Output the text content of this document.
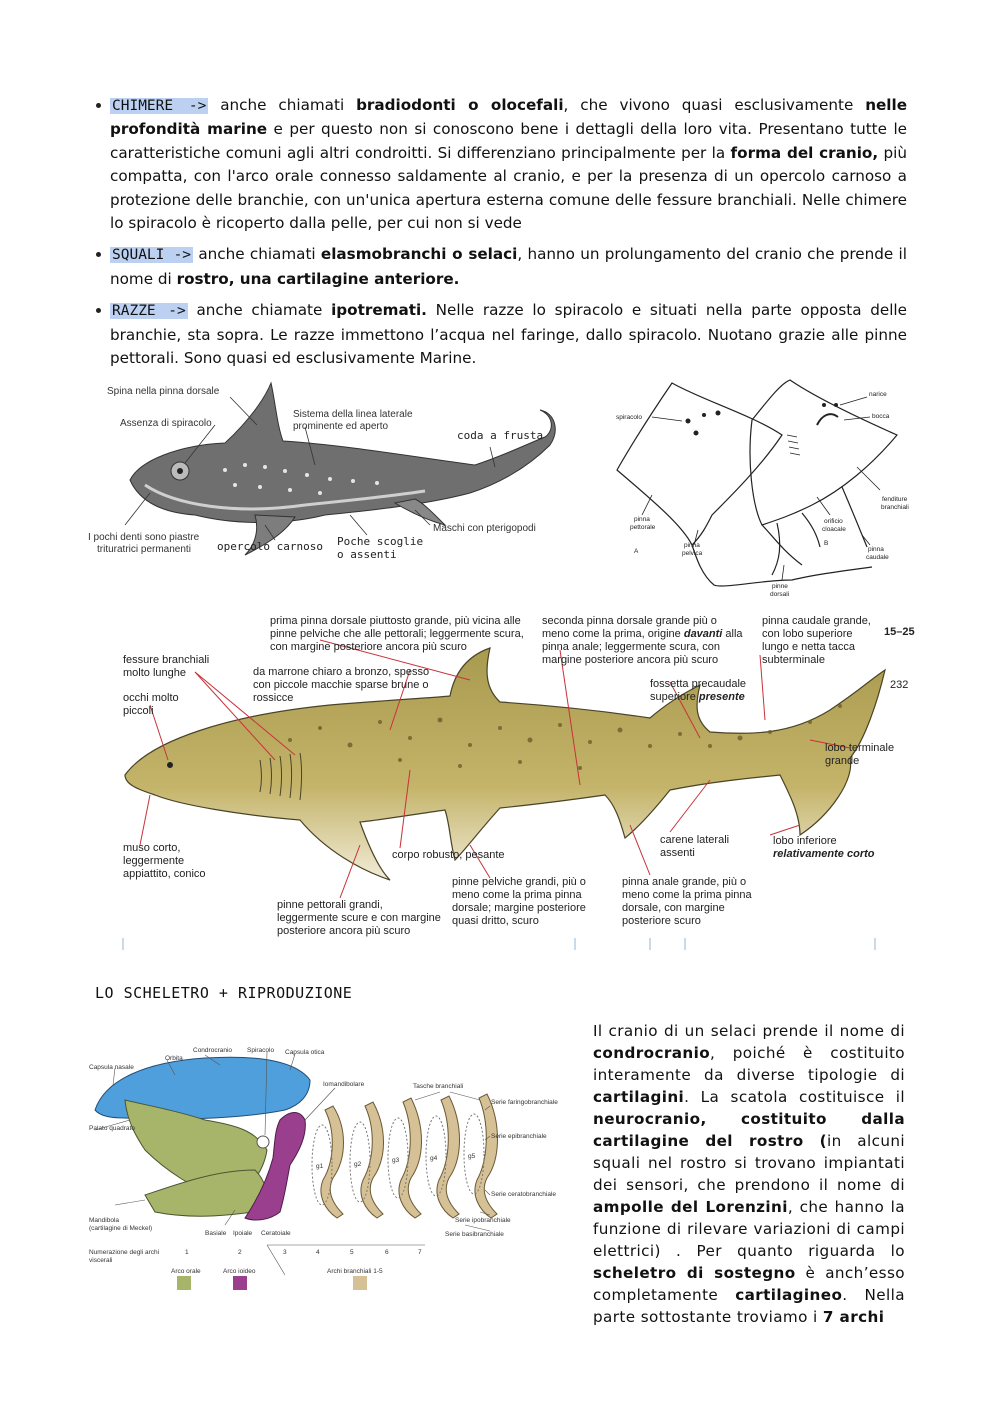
CHIMERE -> anche chiamati bradiodonti o olocefali, che vivono quasi esclusivamente nelle profondità marine e per questo non si conoscono bene i dettagli della loro vita. Presentano tutte le caratteristiche comuni agli altri condroitti. Si differenziano principalmente per la forma del cranio, più compatta, con l'arco orale connesso saldamente al cranio, e per la presenza di un opercolo carnoso a protezione delle branchie, con un'unica apertura esterna comune delle fessure branchiali. Nelle chimere lo spiracolo è ricoperto dalla pelle, per cui non si vede
SQUALI -> anche chiamati elasmobranchi o selaci, hanno un prolungamento del cranio che prende il nome di rostro, una cartilagine anteriore.
RAZZE -> anche chiamate ipotremati. Nelle razze lo spiracolo e situati nella parte opposta delle branchie, sta sopra. Le razze immettono l’acqua nel faringe, dallo spiracolo. Nuotano grazie alle pinne pettorali. Sono quasi ed esclusivamente Marine.
Spina nella pinna dorsale
Assenza di spiracolo
Sistema della linea laterale
prominente ed aperto
coda a frusta
I pochi denti sono piastre
trituratrici permanenti opercolo carnoso Poche scoglie
o assenti
Maschi con pterigopodi
spiracolo
narice
bocca
fenditure
branchiali
orificio
cloacale
pinna
pettorale
pinna
pelvica
pinna
caudale
pinne
dorsali
A
B
prima pinna dorsale piuttosto grande, più vicina alle
pinne pelviche che alle pettorali; leggermente scura,
con margine posteriore ancora più scuro
seconda pinna dorsale grande più o
meno come la prima, origine davanti alla
pinna anale; leggermente scura, con
margine posteriore ancora più scuro
pinna caudale grande,
con lobo superiore
lungo e netta tacca
subterminale
15–25
232
fessure branchiali
molto lunghe	da marrone chiaro a bronzo, spesso
con piccole macchie sparse brune o
rossicce
occhi molto
piccoli
fossetta precaudale
superiore presente
lobo terminale
grande
muso corto,
leggermente
appiattito, conico
corpo robusto, pesante
carene laterali
assenti
lobo inferiore
relativamente corto
pinne pettorali grandi,
leggermente scure e con margine
posteriore ancora più scuro
pinne pelviche grandi, più o
meno come la prima pinna
dorsale; margine posteriore
quasi dritto, scuro
pinna anale grande, più o
meno come la prima pinna
dorsale, con margine
posteriore scuro
LO SCHELETRO + RIPRODUZIONE
Condrocranio Spiracolo Capsula otica
Orbita
Capsula nasale
Iomandibolare	Tasche branchiali
Serie faringobranchiale
Palato quadrato
Serie epibranchiale
Serie ceratobranchiale
Serie ipobranchiale
Serie basibranchiale
Mandibola
(cartilagine di Meckel)
Basiale Ipoiale Ceratoiale
Numerazione degli archi
viscerali
1	2	3	4	5	6	7
g1	g2
g3	g4	g5
Arco orale	Arco ioideo	Archi branchiali 1-5

Il cranio di un selaci prende il nome di condrocranio, poiché è costituito interamente da diverse tipologie di cartilagini. La scatola costituisce il neurocranio, costituito dalla cartilagine del rostro (in alcuni squali nel rostro si trovano impiantati dei sensori, che prendono il nome di ampolle del Lorenzini, che hanno la funzione di rilevare variazioni di campi elettrici) . Per quanto riguarda lo scheletro di sostegno è anch’esso completamente cartilagineo. Nella parte sottostante troviamo i 7 archi
